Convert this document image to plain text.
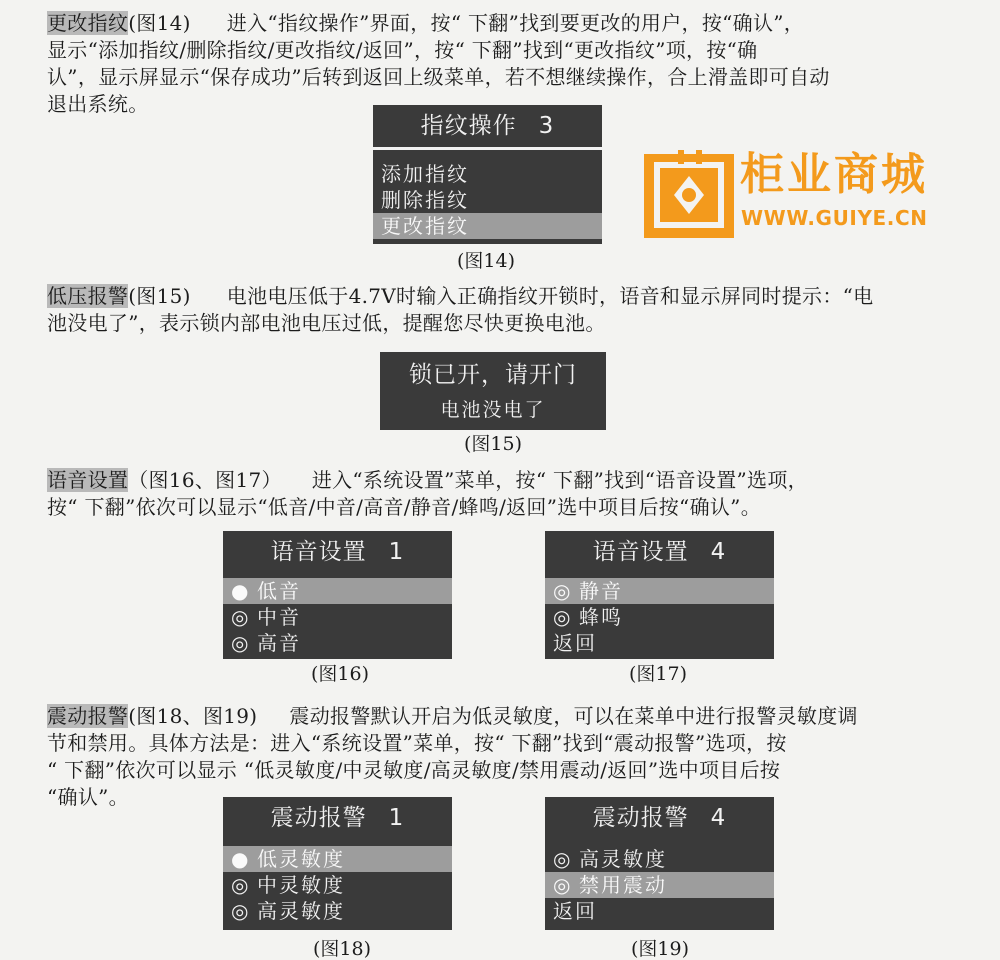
更改指纹(图14) 进入“指纹操作”界面，按“ 下翻”找到要更改的用户，按“确认”，
显示“添加指纹/删除指纹/更改指纹/返回”，按“ 下翻”找到“更改指纹”项，按“确
认”，显示屏显示“保存成功”后转到返回上级菜单，若不想继续操作，合上滑盖即可自动
退出系统。
指纹操作 3
添加指纹
删除指纹
更改指纹
(图14)
柜业商城
WWW.GUIYE.CN
低压报警(图15) 电池电压低于4.7V时输入正确指纹开锁时，语音和显示屏同时提示：“电
池没电了”，表示锁内部电池电压过低，提醒您尽快更换电池。
锁已开，请开门
电池没电了
(图15)
语音设置（图16、图17） 进入“系统设置”菜单，按“ 下翻”找到“语音设置”选项，
按“ 下翻”依次可以显示“低音/中音/高音/静音/蜂鸣/返回”选中项目后按“确认”。
语音设置 1
● 低音
◎ 中音
◎ 高音
(图16)
语音设置 4
◎ 静音
◎ 蜂鸣
返回
(图17)
震动报警(图18、图19) 震动报警默认开启为低灵敏度，可以在菜单中进行报警灵敏度调
节和禁用。具体方法是：进入“系统设置”菜单，按“ 下翻”找到“震动报警”选项，按
“ 下翻”依次可以显示 “低灵敏度/中灵敏度/高灵敏度/禁用震动/返回”选中项目后按
“确认”。
震动报警 1
● 低灵敏度
◎ 中灵敏度
◎ 高灵敏度
(图18)
震动报警 4
◎ 高灵敏度
◎ 禁用震动
返回
(图19)
